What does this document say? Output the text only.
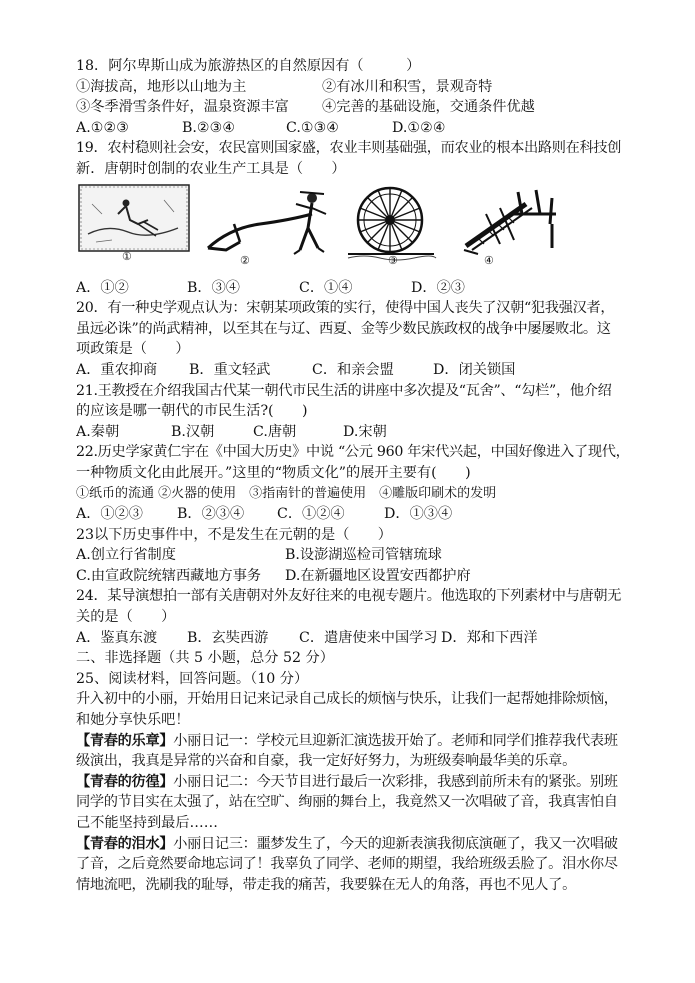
18．阿尔卑斯山成为旅游热区的自然原因有（　　　）
①海拔高，地形以山地为主	②有冰川和积雪，景观奇特
③冬季滑雪条件好，温泉资源丰富	④完善的基础设施，交通条件优越
A.①②③	B.②③④	C.①③④	D.①②④
19．农村稳则社会安，农民富则国家盛，农业丰则基础强，而农业的根本出路则在科技创
新．唐朝时创制的农业生产工具是（　　）
①	②	③	④
A．①②	B．③④	C．①④	D．②③
20．有一种史学观点认为：宋朝某项政策的实行，使得中国人丧失了汉朝“犯我强汉者，
虽远必诛”的尚武精神，以至其在与辽、西夏、金等少数民族政权的战争中屡屡败北。这
项政策是（　　）
A．重农抑商	B．重文轻武	C．和亲会盟	D．闭关锁国
21.王教授在介绍我国古代某一朝代市民生活的讲座中多次提及“瓦舍”、“勾栏”，他介绍
的应该是哪一朝代的市民生活?(　　)
A.秦朝	B.汉朝	C.唐朝	D.宋朝
22.历史学家黄仁宇在《中国大历史》中说 “公元 960 年宋代兴起，中国好像进入了现代，
一种物质文化由此展开。”这里的“物质文化”的展开主要有(　　)
①纸币的流通 ②火器的使用　③指南针的普遍使用　④雕版印刷术的发明
A．①②③	B．②③④	C．①②④	D．①③④
23以下历史事件中，不是发生在元朝的是（　　）
A.创立行省制度	B.设澎湖巡检司管辖琉球
C.由宣政院统辖西藏地方事务	D.在新疆地区设置安西都护府
24．某导演想拍一部有关唐朝对外友好往来的电视专题片。他选取的下列素材中与唐朝无
关的是（　　）
A．鉴真东渡	B．玄奘西游	C．遣唐使来中国学习 D．郑和下西洋
二、非选择题（共 5 小题，总分 52 分）
25、阅读材料，回答问题。（10 分）
升入初中的小丽，开始用日记来记录自己成长的烦恼与快乐，让我们一起帮她排除烦恼，
和她分享快乐吧！
【青春的乐章】小丽日记一：学校元旦迎新汇演选拔开始了。老师和同学们推荐我代表班
级演出，我真是异常的兴奋和自豪，我一定好好努力，为班级奏响最华美的乐章。
【青春的彷徨】小丽日记二：今天节目进行最后一次彩排，我感到前所未有的紧张。别班
同学的节目实在太强了，站在空旷、绚丽的舞台上，我竟然又一次唱破了音，我真害怕自
己不能坚持到最后……
【青春的泪水】小丽日记三：噩梦发生了，今天的迎新表演我彻底演砸了，我又一次唱破
了音，之后竟然要命地忘词了！我辜负了同学、老师的期望，我给班级丢脸了。泪水你尽
情地流吧，洗刷我的耻辱，带走我的痛苦，我要躲在无人的角落，再也不见人了。
